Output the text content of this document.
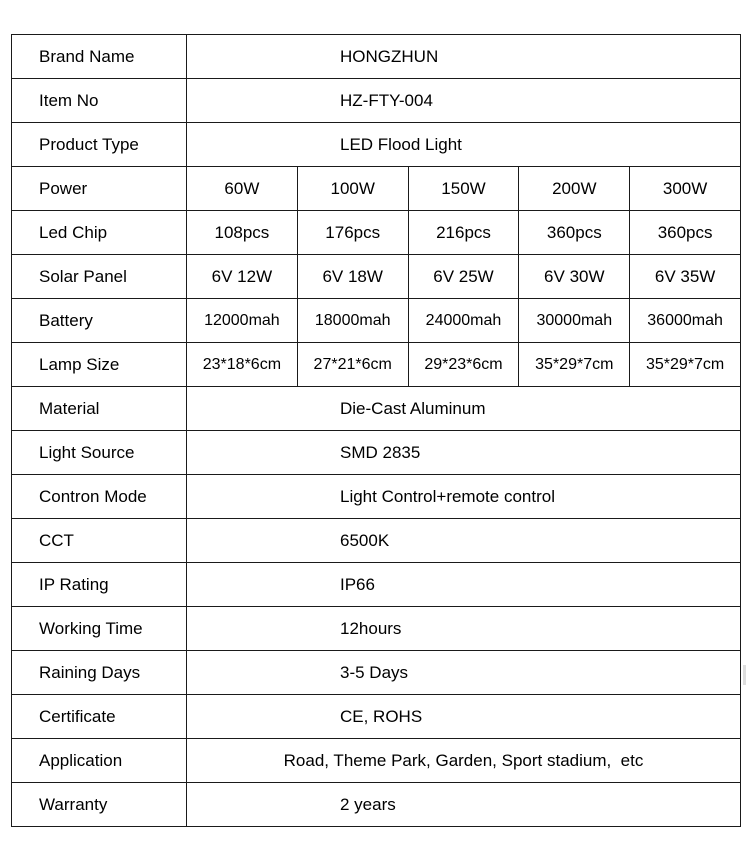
Brand Name	HONGZHUN				
Item No	HZ-FTY-004				
Product Type	LED Flood Light				
Power	60W	100W	150W	200W	300W
Led Chip	108pcs	176pcs	216pcs	360pcs	360pcs
Solar Panel	6V 12W	6V 18W	6V 25W	6V 30W	6V 35W
Battery	12000mah	18000mah	24000mah	30000mah	36000mah
Lamp Size	23*18*6cm	27*21*6cm	29*23*6cm	35*29*7cm	35*29*7cm
Material	Die-Cast Aluminum				
Light Source	SMD 2835				
Contron Mode	Light Control+remote control				
CCT	6500K				
IP Rating	IP66				
Working Time	12hours				
Raining Days	3-5 Days				
Certificate	CE, ROHS				
Application	Road, Theme Park, Garden, Sport stadium,  etc				
Warranty	2 years				
